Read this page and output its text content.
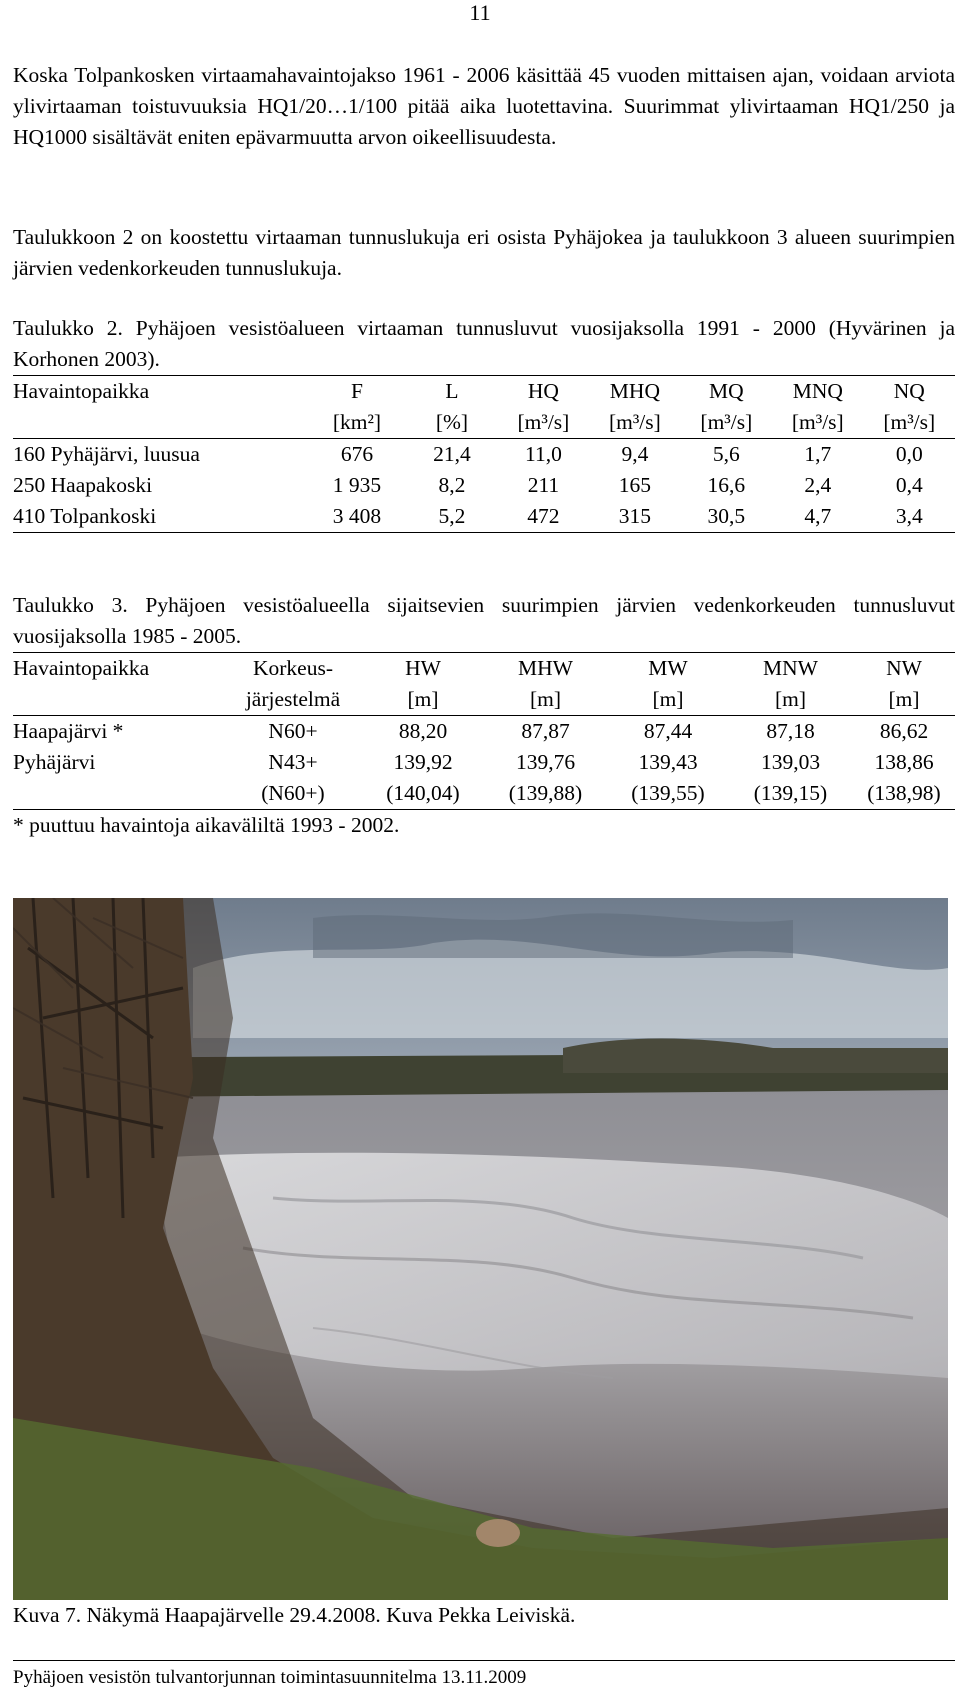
11

Koska Tolpankosken virtaamahavaintojakso 1961 - 2006 käsittää 45 vuoden mittaisen ajan, voidaan arviota ylivirtaaman toistuvuuksia HQ1/20…1/100 pitää aika luotettavina. Suurimmat ylivirtaaman HQ1/250 ja HQ1000 sisältävät eniten epävarmuutta arvon oikeellisuudesta.

Taulukkoon 2 on koostettu virtaaman tunnuslukuja eri osista Pyhäjokea ja taulukkoon 3 alueen suurimpien järvien vedenkorkeuden tunnuslukuja.

Taulukko 2. Pyhäjoen vesistöalueen virtaaman tunnusluvut vuosijaksolla 1991 - 2000 (Hyvärinen ja Korhonen 2003).

Havaintopaikka	F	L	HQ	MHQ	MQ	MNQ	NQ
	[km²]	[%]	[m³/s]	[m³/s]	[m³/s]	[m³/s]	[m³/s]
160 Pyhäjärvi, luusua	676	21,4	11,0	9,4	5,6	1,7	0,0
250 Haapakoski	1 935	8,2	211	165	16,6	2,4	0,4
410 Tolpankoski	3 408	5,2	472	315	30,5	4,7	3,4

Taulukko 3. Pyhäjoen vesistöalueella sijaitsevien suurimpien järvien vedenkorkeuden tunnusluvut vuosijaksolla 1985 - 2005.

Havaintopaikka	Korkeus-	HW	MHW	MW	MNW	NW
	järjestelmä	[m]	[m]	[m]	[m]	[m]
Haapajärvi *	N60+	88,20	87,87	87,44	87,18	86,62
Pyhäjärvi	N43+	139,92	139,76	139,43	139,03	138,86
	(N60+)	(140,04)	(139,88)	(139,55)	(139,15)	(138,98)
* puuttuu havaintoja aikaväliltä 1993 - 2002.						
Kuva 7. Näkymä Haapajärvelle 29.4.2008. Kuva Pekka Leiviskä.
Pyhäjoen vesistön tulvantorjunnan toimintasuunnitelma 13.11.2009
